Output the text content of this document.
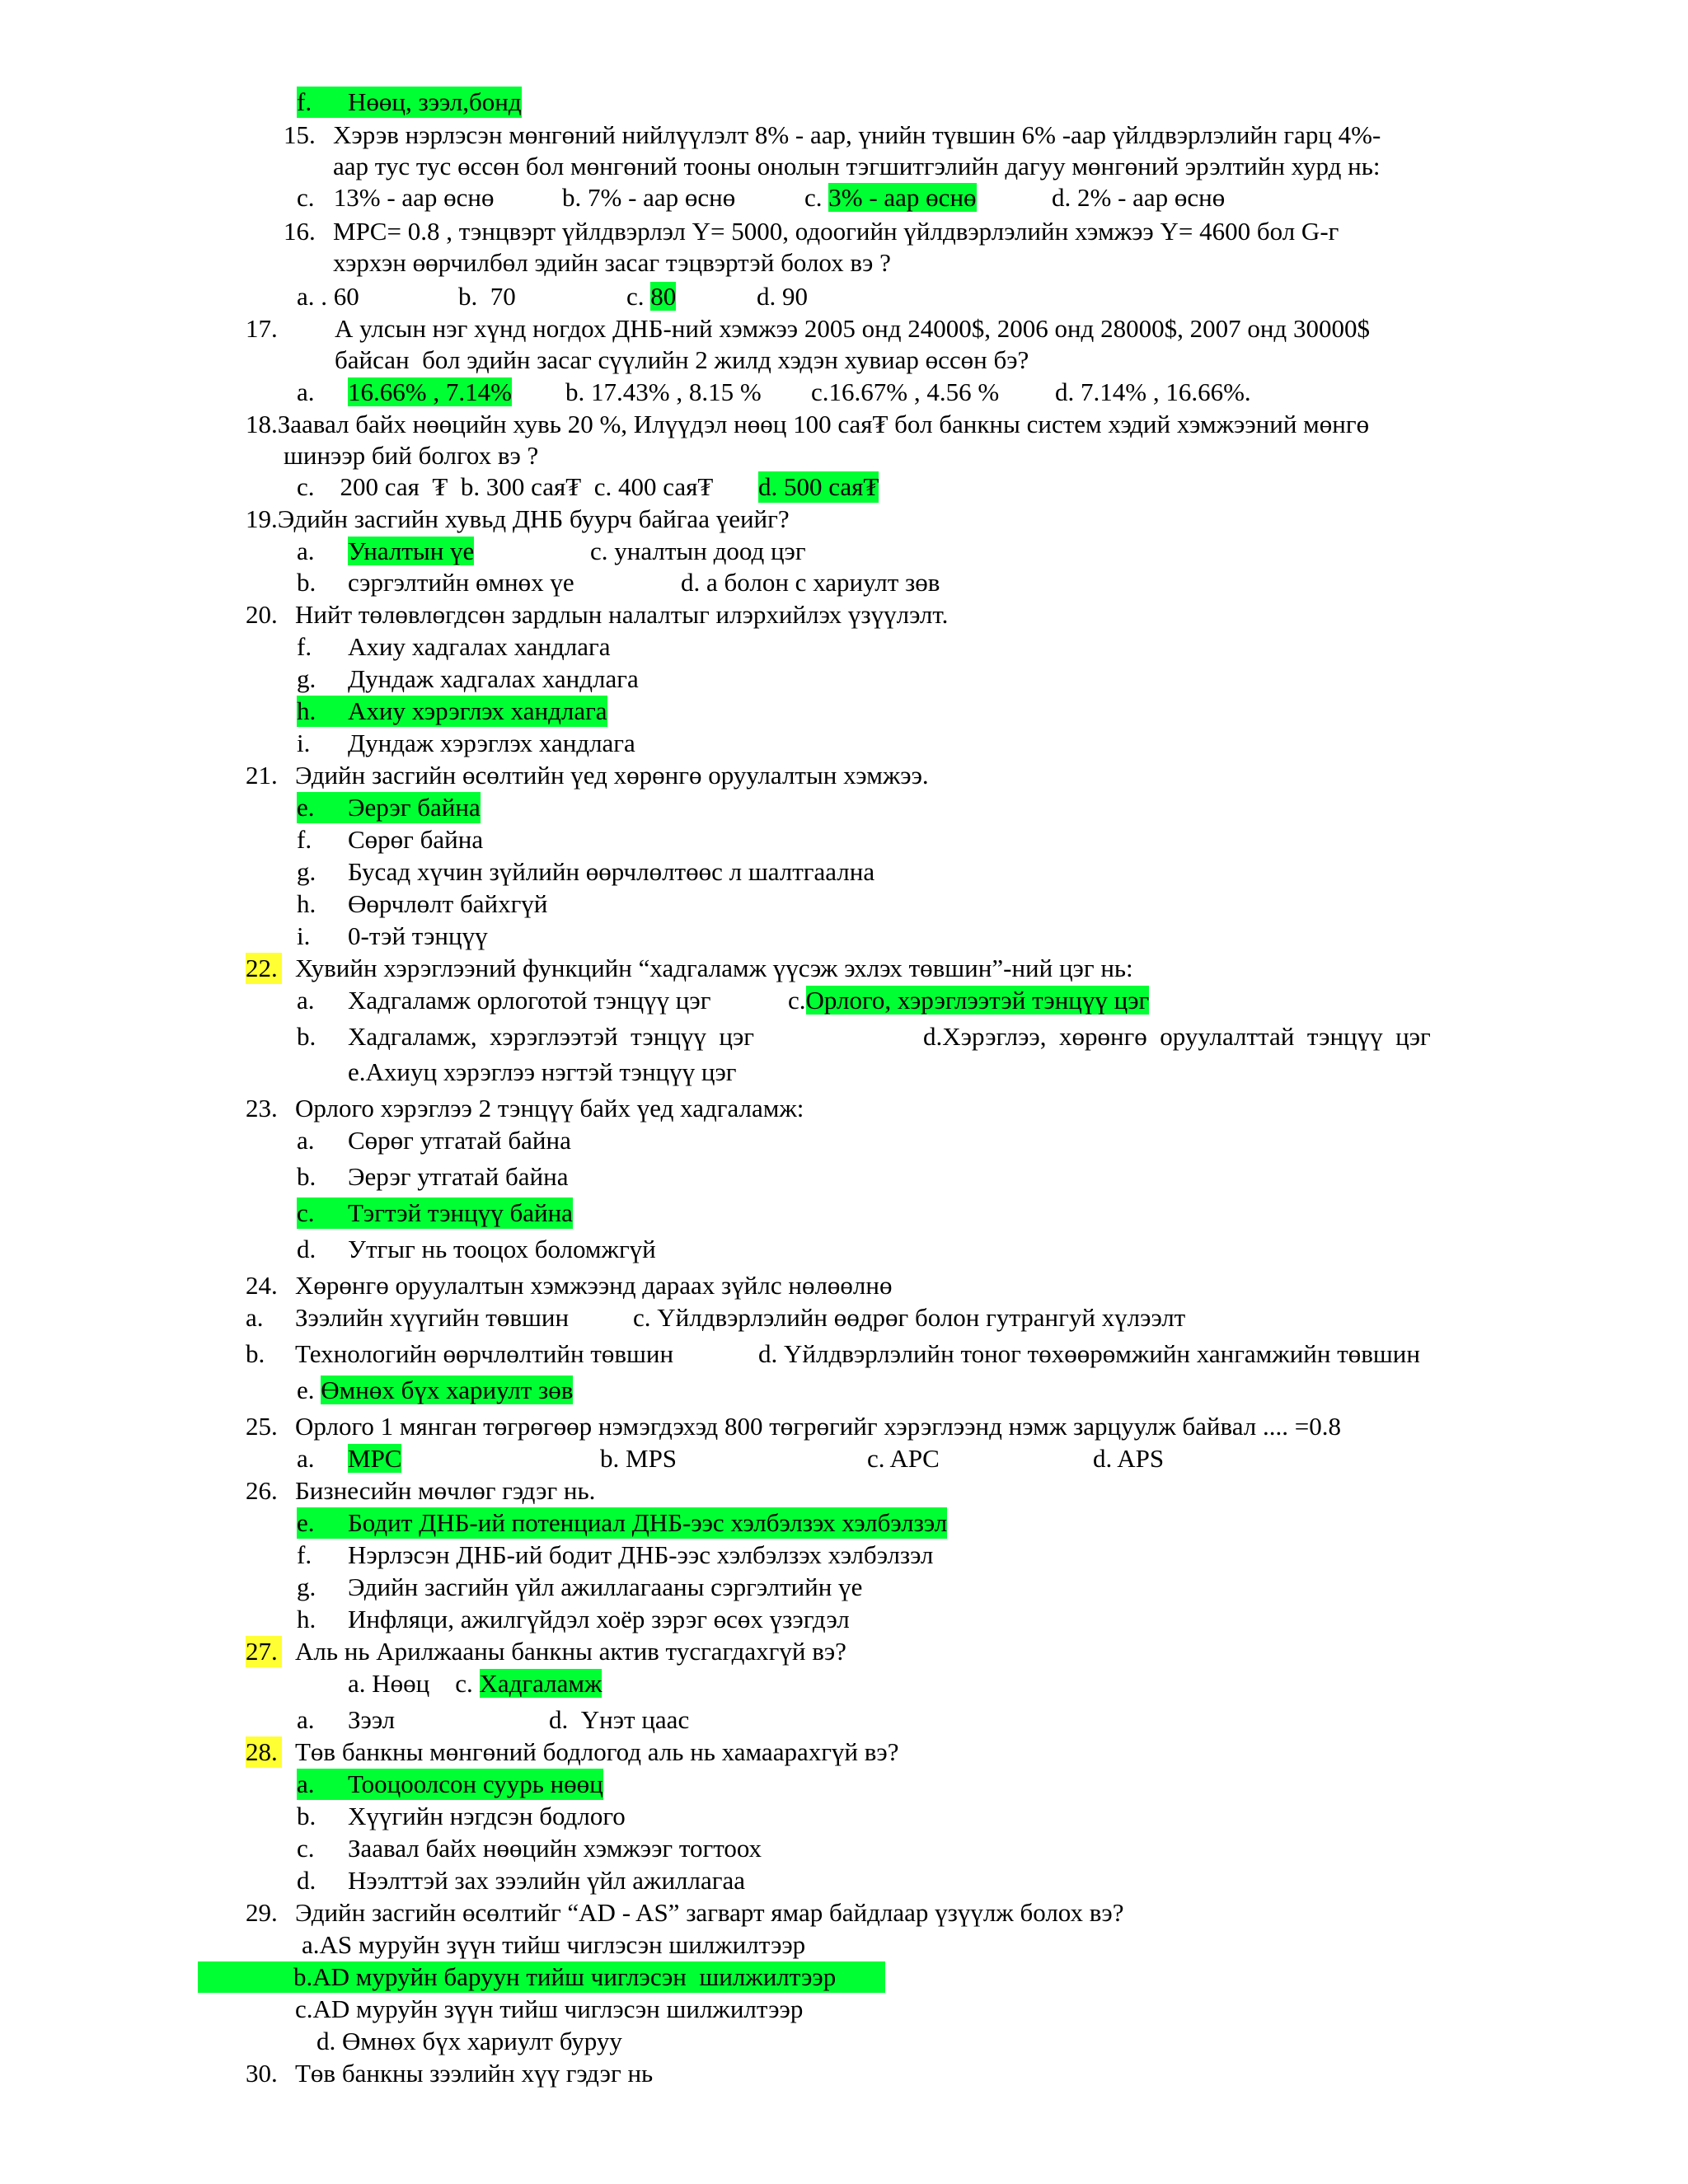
f. Нөөц, зээл,бонд
15. Хэрэв нэрлэсэн мөнгөний нийлүүлэлт 8% - аар, үнийн түвшин 6% -аар үйлдвэрлэлийн гарц 4%-
аар тус тус өссөн бол мөнгөний тооны онолын тэгшитгэлийн дагуу мөнгөний эрэлтийн хурд нь:
c.   13% - аар өснө	b. 7% - аар өснө	c. 3% - аар өснө	d. 2% - аар өснө
16. MPC= 0.8 , тэнцвэрт үйлдвэрлэл Y= 5000, одоогийн үйлдвэрлэлийн хэмжээ Y= 4600 бол G-г
хэрхэн өөрчилбөл эдийн засаг тэцвэртэй болох вэ ?
a. . 60	b.  70	c. 80	d. 90
17. А улсын нэг хүнд ногдох ДНБ-ний хэмжээ 2005 онд 24000$, 2006 онд 28000$, 2007 онд 30000$
байсан  бол эдийн засаг сүүлийн 2 жилд хэдэн хувиар өссөн бэ?
a. 16.66% , 7.14% b. 17.43% , 8.15 % c.16.67% , 4.56 % d. 7.14% , 16.66%.
18.Заавал байх нөөцийн хувь 20 %, Илүүдэл нөөц 100 сая₮ бол банкны систем хэдий хэмжээний мөнгө
шинээр бий болгох вэ ?
c.    200 сая  ₮  b. 300 сая₮  c. 400 сая₮ d. 500 сая₮
19.Эдийн засгийн хувьд ДНБ буурч байгаа үеийг?
a. Уналтын үе	c. уналтын доод цэг
b. сэргэлтийн өмнөх үе	d. а болон с хариулт зөв
20. Нийт төлөвлөгдсөн зардлын налалтыг илэрхийлэх үзүүлэлт.
f. Ахиу хадгалах хандлага
g. Дундаж хадгалах хандлага
h. Ахиу хэрэглэх хандлага
i. Дундаж хэрэглэх хандлага
21. Эдийн засгийн өсөлтийн үед хөрөнгө оруулалтын хэмжээ.
e. Эерэг байна
f. Сөрөг байна
g. Бусад хүчин зүйлийн өөрчлөлтөөс л шалтгаална
h. Өөрчлөлт байхгүй
i. 0-тэй тэнцүү
22. Хувийн хэрэглээний функцийн “хадгаламж үүсэж эхлэх төвшин”-ний цэг нь:
a. Хадгаламж орлоготой тэнцүү цэг	c.Орлого, хэрэглээтэй тэнцүү цэг
b. Хадгаламж,  хэрэглээтэй  тэнцүү  цэг	d.Хэрэглээ,  хөрөнгө  оруулалттай  тэнцүү  цэг
e.Ахиуц хэрэглээ нэгтэй тэнцүү цэг
23. Орлого хэрэглээ 2 тэнцүү байх үед хадгаламж:
a. Сөрөг утгатай байна
b. Эерэг утгатай байна
c. Тэгтэй тэнцүү байна
d. Утгыг нь тооцох боломжгүй
24. Хөрөнгө оруулалтын хэмжээнд дараах зүйлс нөлөөлнө
a. Зээлийн хүүгийн төвшин	c. Үйлдвэрлэлийн өөдрөг болон гутрангуй хүлээлт
b. Технологийн өөрчлөлтийн төвшин	d. Үйлдвэрлэлийн тоног төхөөрөмжийн хангамжийн төвшин
e. Өмнөх бүх хариулт зөв
25. Орлого 1 мянган төгрөгөөр нэмэгдэхэд 800 төгрөгийг хэрэглээнд нэмж зарцуулж байвал .... =0.8
a. MPC	b. MPS	c. APC	d. APS
26. Бизнесийн мөчлөг гэдэг нь.
e. Бодит ДНБ-ий потенциал ДНБ-ээс хэлбэлзэх хэлбэлзэл
f. Нэрлэсэн ДНБ-ий бодит ДНБ-ээс хэлбэлзэх хэлбэлзэл
g. Эдийн засгийн үйл ажиллагааны сэргэлтийн үе
h. Инфляци, ажилгүйдэл хоёр зэрэг өсөх үзэгдэл
27. Аль нь Арилжааны банкны актив тусгагдахгүй вэ?
a. Нөөц    c. Хадгаламж
a. Зээл	d.  Үнэт цаас
28. Төв банкны мөнгөний бодлогод аль нь хамаарахгүй вэ?
a. Тооцоолсон суурь нөөц
b. Хүүгийн нэгдсэн бодлого
c. Заавал байх нөөцийн хэмжээг тогтоох
d. Нээлттэй зах зээлийн үйл ажиллагаа
29. Эдийн засгийн өсөлтийг “AD - AS” загварт ямар байдлаар үзүүлж болох вэ?
a.AS муруйн зүүн тийш чиглэсэн шилжилтээр
b.AD муруйн баруун тийш чиглэсэн  шилжилтээр
c.AD муруйн зүүн тийш чиглэсэн шилжилтээр
d. Өмнөх бүх хариулт буруу
30. Төв банкны зээлийн хүү гэдэг нь
